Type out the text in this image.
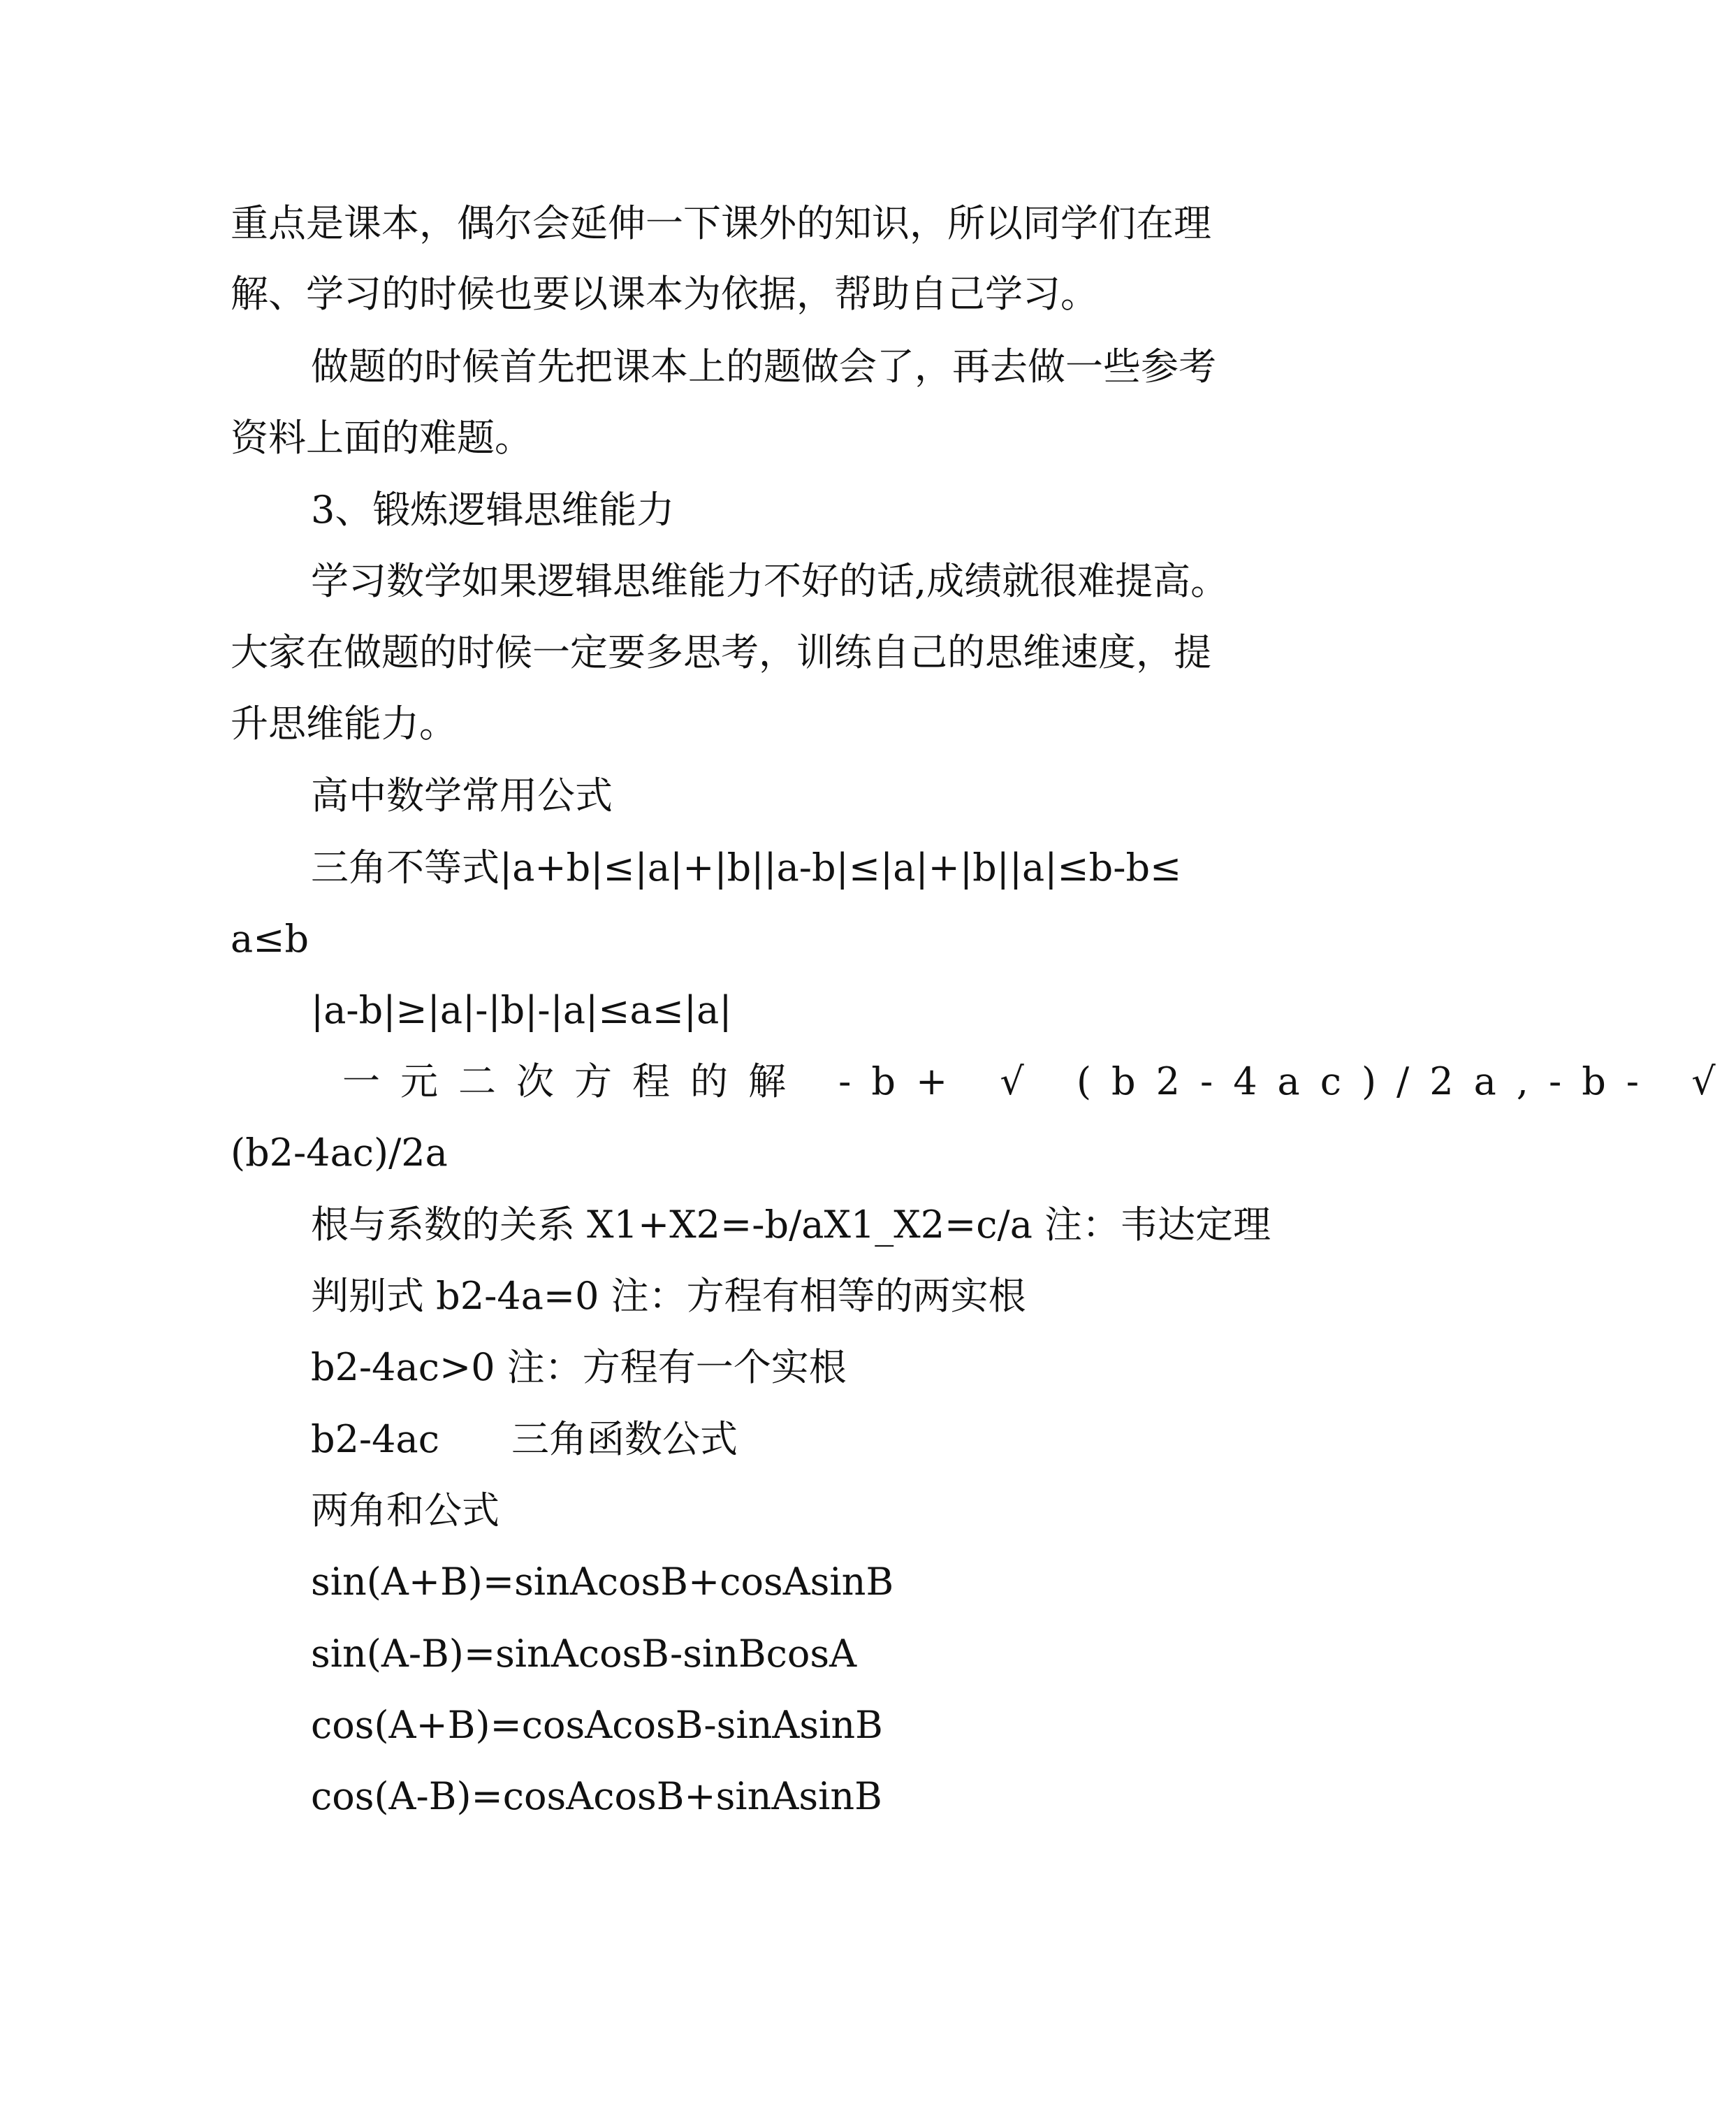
重点是课本，偶尔会延伸一下课外的知识，所以同学们在理
解、学习的时候也要以课本为依据，帮助自己学习。
做题的时候首先把课本上的题做会了，再去做一些参考
资料上面的难题。
3、锻炼逻辑思维能力
学习数学如果逻辑思维能力不好的话,成绩就很难提高。
大家在做题的时候一定要多思考，训练自己的思维速度，提
升思维能力。
高中数学常用公式
三角不等式|a+b|≤|a|+|b||a-b|≤|a|+|b||a|≤b-b≤
a≤b
|a-b|≥|a|-|b|-|a|≤a≤|a|
一元二次方程的解 -b+ √ (b2-4ac)/2a,-b- √
(b2-4ac)/2a
根与系数的关系 X1+X2=-b/aX1_X2=c/a 注：韦达定理
判别式 b2-4a=0 注：方程有相等的两实根
b2-4ac>0 注：方程有一个实根
b2-4ac      三角函数公式
两角和公式
sin(A+B)=sinAcosB+cosAsinB
sin(A-B)=sinAcosB-sinBcosA
cos(A+B)=cosAcosB-sinAsinB
cos(A-B)=cosAcosB+sinAsinB
